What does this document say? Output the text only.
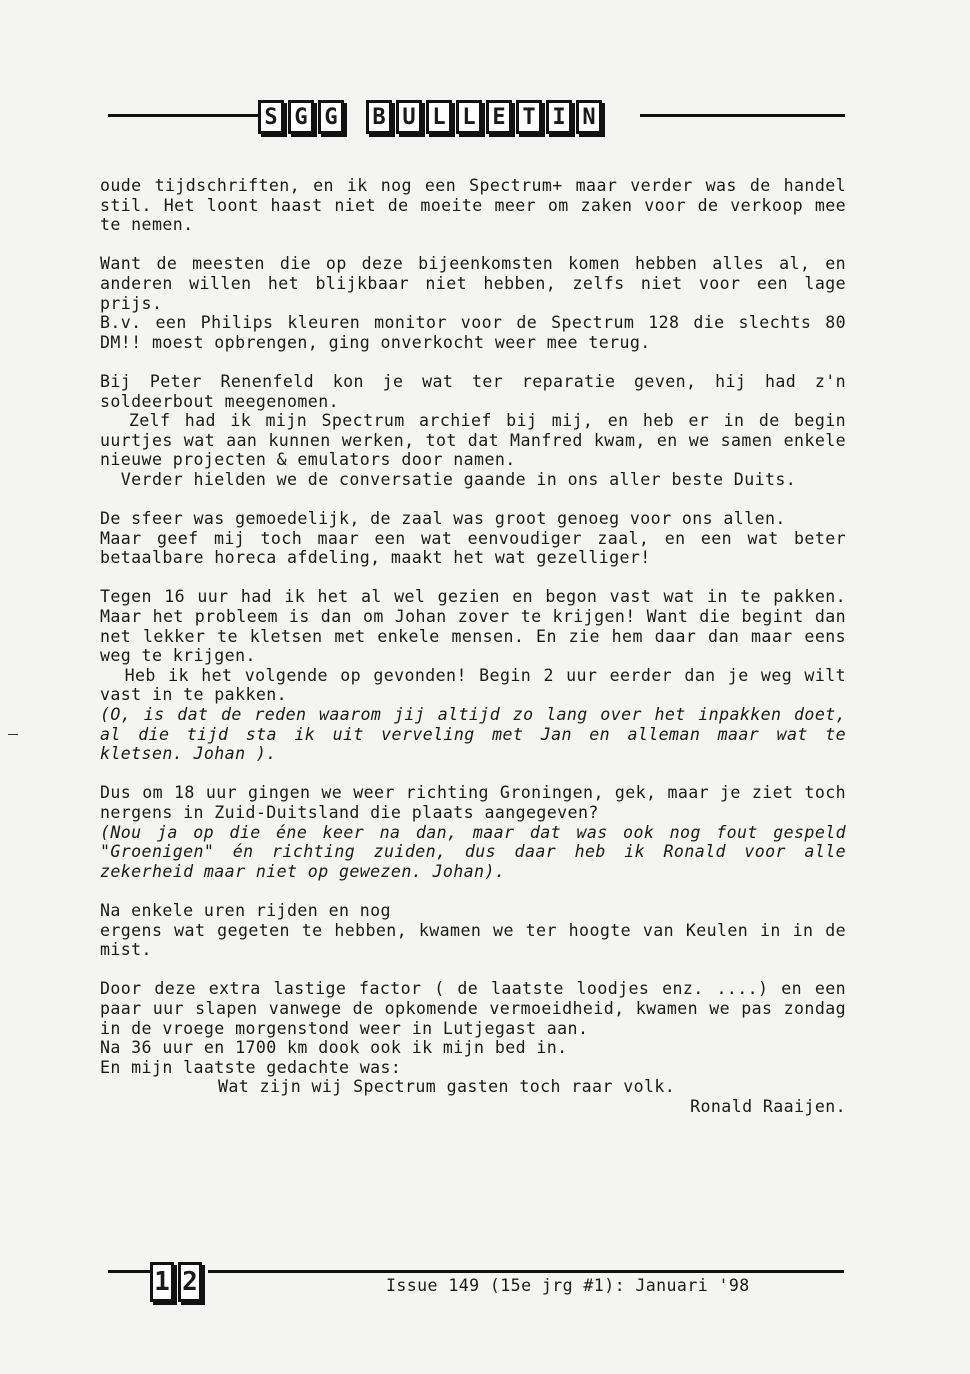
S G G B U L L E T I N

oude tijdschriften, en ik nog een Spectrum+ maar verder was de handel stil. Het loont haast niet de moeite meer om zaken voor de verkoop mee te nemen.

Want de meesten die op deze bijeenkomsten komen hebben alles al, en anderen willen het blijkbaar niet hebben, zelfs niet voor een lage prijs.
B.v. een Philips kleuren monitor voor de Spectrum 128 die slechts 80 DM!! moest opbrengen, ging onverkocht weer mee terug.

Bij Peter Renenfeld kon je wat ter reparatie geven, hij had z'n soldeerbout meegenomen.
Zelf had ik mijn Spectrum archief bij mij, en heb er in de begin uurtjes wat aan kunnen werken, tot dat Manfred kwam, en we samen enkele nieuwe projecten & emulators door namen.
Verder hielden we de conversatie gaande in ons aller beste Duits.

De sfeer was gemoedelijk, de zaal was groot genoeg voor ons allen.
Maar geef mij toch maar een wat eenvoudiger zaal, en een wat beter betaalbare horeca afdeling, maakt het wat gezelliger!

Tegen 16 uur had ik het al wel gezien en begon vast wat in te pakken. Maar het probleem is dan om Johan zover te krijgen! Want die begint dan net lekker te kletsen met enkele mensen. En zie hem daar dan maar eens weg te krijgen.
Heb ik het volgende op gevonden! Begin 2 uur eerder dan je weg wilt vast in te pakken.

(O, is dat de reden waarom jij altijd zo lang over het inpakken doet, al die tijd sta ik uit verveling met Jan en alleman maar wat te kletsen. Johan ).

Dus om 18 uur gingen we weer richting Groningen, gek, maar je ziet toch nergens in Zuid-Duitsland die plaats aangegeven?

(Nou ja op die éne keer na dan, maar dat was ook nog fout gespeld "Groenigen" én richting zuiden, dus daar heb ik Ronald voor alle zekerheid maar niet op gewezen. Johan).

Na enkele uren rijden en nog
ergens wat gegeten te hebben, kwamen we ter hoogte van Keulen in in de mist.

Door deze extra lastige factor ( de laatste loodjes enz. ....) en een paar uur slapen vanwege de opkomende vermoeidheid, kwamen we pas zondag in de vroege morgenstond weer in Lutjegast aan.

Na 36 uur en 1700 km dook ook ik mijn bed in.
En mijn laatste gedachte was:

Wat zijn wij Spectrum gasten toch raar volk.

Ronald Raaijen.

1 2	Issue 149 (15e jrg #1): Januari '98
